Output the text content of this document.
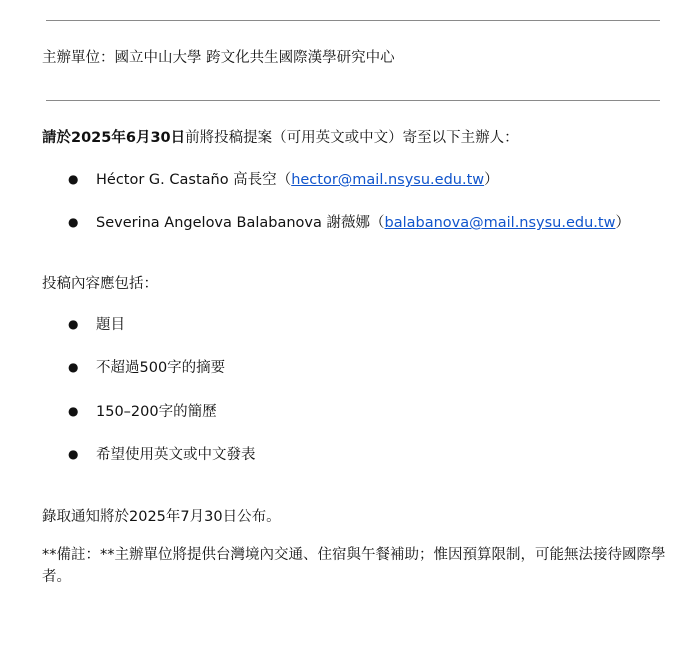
主辦單位：國立中山大學 跨文化共生國際漢學研究中心
請於2025年6月30日前將投稿提案（可用英文或中文）寄至以下主辦人：
● Héctor G. Castaño 高長空（hector@mail.nsysu.edu.tw）
● Severina Angelova Balabanova 謝薇娜（balabanova@mail.nsysu.edu.tw）
投稿內容應包括：
● 題目
● 不超過500字的摘要
● 150–200字的簡歷
● 希望使用英文或中文發表
錄取通知將於2025年7月30日公布。
**備註：**主辦單位將提供台灣境內交通、住宿與午餐補助；惟因預算限制，可能無法接待國際學者。
